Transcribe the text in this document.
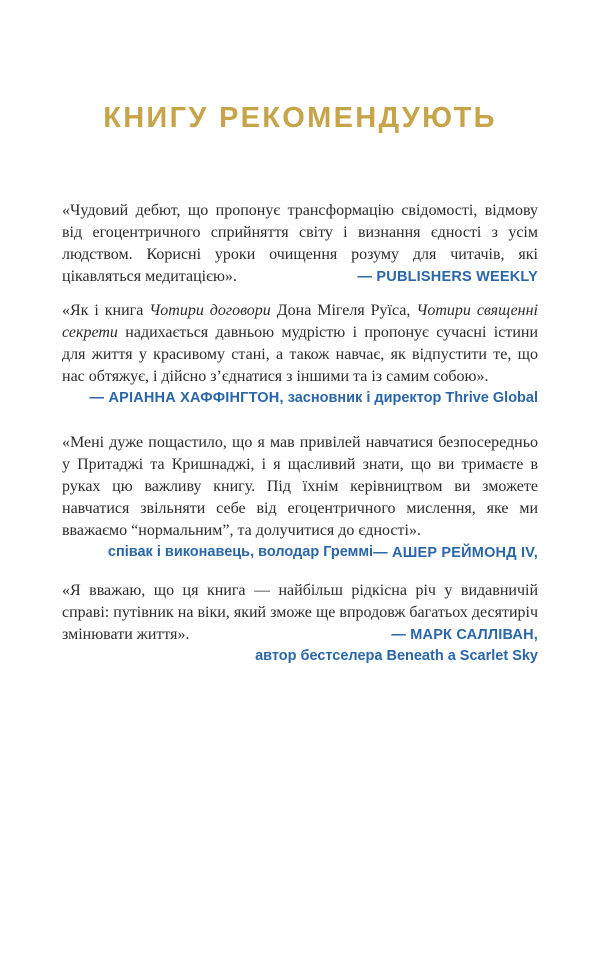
КНИГУ РЕКОМЕНДУЮТЬ

«Чудовий дебют, що пропонує трансформацію свідомості, відмову від егоцентричного сприйняття світу і визнання єдності з усім людством. Корисні уроки очищення розуму для читачів, які цікавляться медитацією».	— PUBLISHERS WEEKLY

«Як і книга Чотири договори Дона Мігеля Руїса, Чотири священні секрети надихається давньою мудрістю і пропонує сучасні істини для життя у красивому стані, а також навчає, як відпустити те, що нас обтяжує, і дійсно з’єднатися з іншими та із самим собою».

— АРІАННА ХАФФІНГТОН, засновник і директор Thrive Global

«Мені дуже пощастило, що я мав привілей навчатися безпосередньо у Притаджі та Кришнаджі, і я щасливий знати, що ви тримаєте в руках цю важливу книгу. Під їхнім керівництвом ви зможете навчатися звільняти себе від егоцентричного мислення, яке ми вважаємо “нормальним”, та долучитися до єдності».
— АШЕР РЕЙМОНД IV,

співак і виконавець, володар Греммі

«Я вважаю, що ця книга — найбільш рідкісна річ у видавничій справі: путівник на віки, який зможе ще впродовж багатьох десятиріч змінювати життя».	— МАРК САЛЛІВАН,

автор бестселера Beneath a Scarlet Sky
